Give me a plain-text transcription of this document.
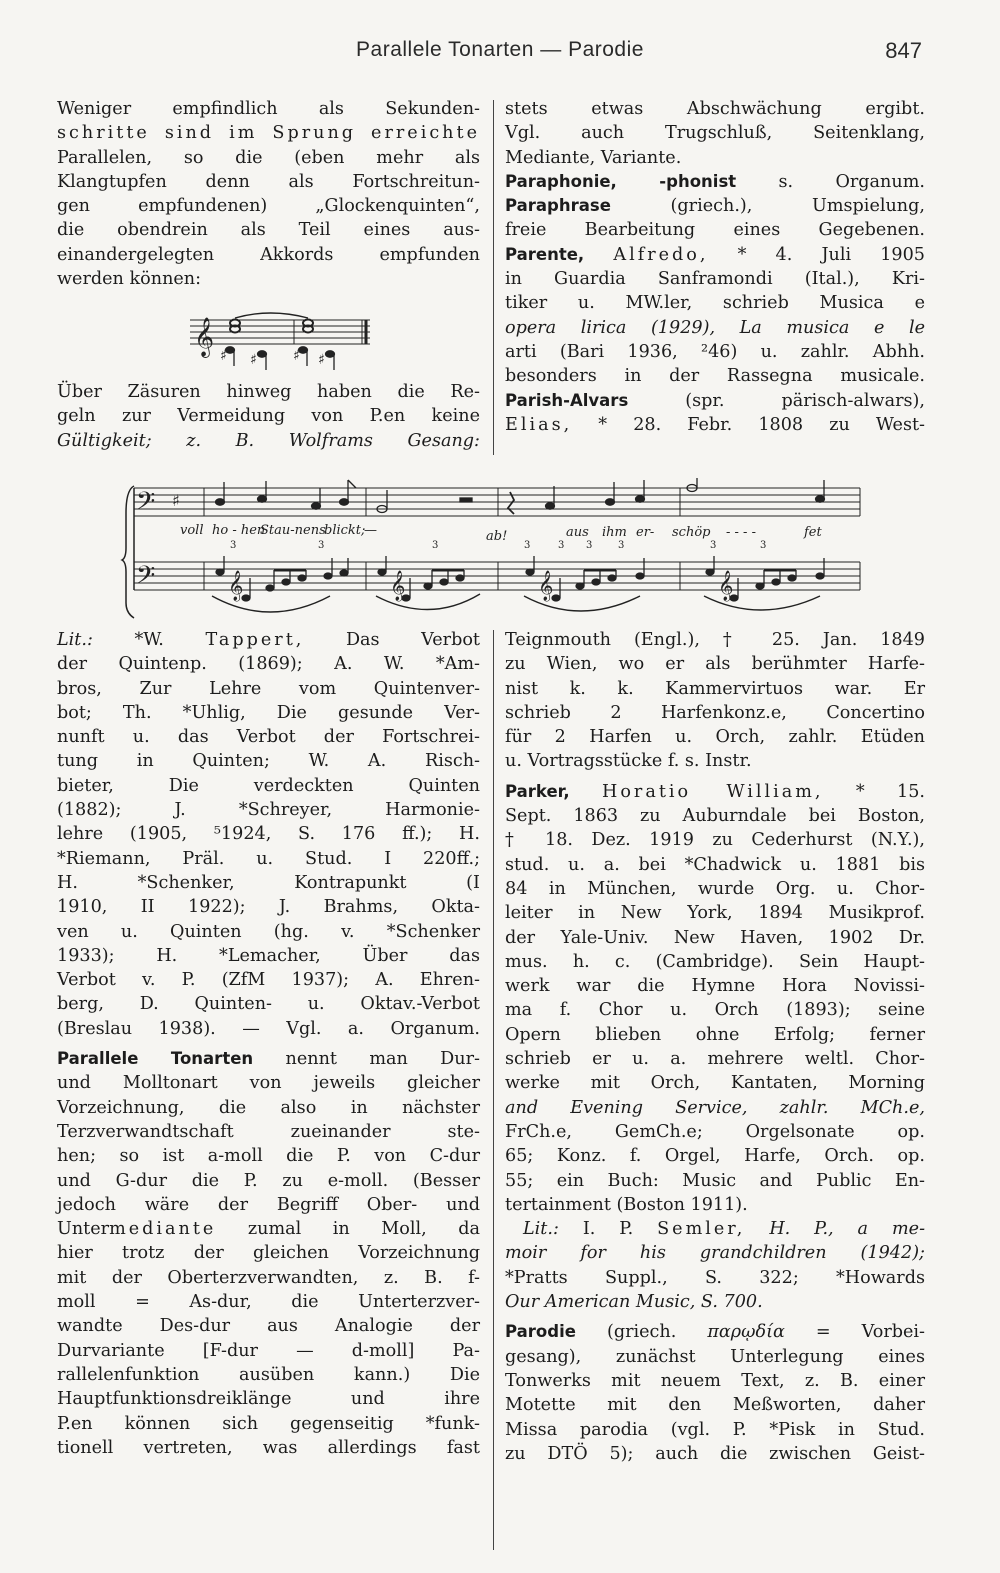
Parallele Tonarten — Parodie	847
Weniger empfindlich als Sekunden-
schritte sind im Sprung erreichte
Parallelen, so die (eben mehr als
Klangtupfen denn als Fortschreitun-
gen empfundenen) „Glockenquinten“,
die obendrein als Teil eines aus-
einandergelegten Akkords empfunden
werden können:
𝄞 ♯ ♯	♯ ♯
Über Zäsuren hinweg haben die Re-
geln zur Vermeidung von P.en keine
Gültigkeit; z. B. Wolframs Gesang:
stets etwas Abschwächung ergibt.
Vgl. auch Trugschluß, Seitenklang,
Mediante, Variante.
Paraphonie, -phonist s. Organum.
Paraphrase (griech.), Umspielung,
freie Bearbeitung eines Gegebenen.
Parente, Alfredo, * 4. Juli 1905
in Guardia Sanframondi (Ital.), Kri-
tiker u. MW.ler, schrieb Musica e
opera lirica (1929), La musica e le
arti (Bari 1936, ²46) u. zahlr. Abhh.
besonders in der Rassegna musicale.
Parish-Alvars (spr. pärisch-alwars),
Elias, * 28. Febr. 1808 zu West-
𝄢
𝄢
♯
voll ho - hen
Stau-nens
blickt;
—	ab!	aus ihm er- schöp - - - -	fet
3	3	3	3	3 3	3	3	3
𝄞	𝄞	𝄞	𝄞
Lit.: *W. Tappert, Das Verbot
der Quintenp. (1869); A. W. *Am-
bros, Zur Lehre vom Quintenver-
bot; Th. *Uhlig, Die gesunde Ver-
nunft u. das Verbot der Fortschrei-
tung in Quinten; W. A. Risch-
bieter, Die verdeckten Quinten
(1882); J. *Schreyer, Harmonie-
lehre (1905, ⁵1924, S. 176 ff.); H.
*Riemann, Präl. u. Stud. I 220ff.;
H. *Schenker, Kontrapunkt (I
1910, II 1922); J. Brahms, Okta-
ven u. Quinten (hg. v. *Schenker
1933); H. *Lemacher, Über das
Verbot v. P. (ZfM 1937); A. Ehren-
berg, D. Quinten- u. Oktav.-Verbot
(Breslau 1938). — Vgl. a. Organum.
Parallele Tonarten nennt man Dur-
und Molltonart von jeweils gleicher
Vorzeichnung, die also in nächster
Terzverwandtschaft zueinander ste-
hen; so ist a-moll die P. von C-dur
und G-dur die P. zu e-moll. (Besser
jedoch wäre der Begriff Ober- und
Untermediante zumal in Moll, da
hier trotz der gleichen Vorzeichnung
mit der Oberterzverwandten, z. B. f-
moll = As-dur, die Unterterzver-
wandte Des-dur aus Analogie der
Durvariante [F-dur — d-moll] Pa-
rallelenfunktion ausüben kann.) Die
Hauptfunktionsdreiklänge und ihre
P.en können sich gegenseitig *funk-
tionell vertreten, was allerdings fast
Teignmouth (Engl.), † 25. Jan. 1849
zu Wien, wo er als berühmter Harfe-
nist k. k. Kammervirtuos war. Er
schrieb 2 Harfenkonz.e, Concertino
für 2 Harfen u. Orch, zahlr. Etüden
u. Vortragsstücke f. s. Instr.
Parker, Horatio William, * 15.
Sept. 1863 zu Auburndale bei Boston,
† 18. Dez. 1919 zu Cederhurst (N.Y.),
stud. u. a. bei *Chadwick u. 1881 bis
84 in München, wurde Org. u. Chor-
leiter in New York, 1894 Musikprof.
der Yale-Univ. New Haven, 1902 Dr.
mus. h. c. (Cambridge). Sein Haupt-
werk war die Hymne Hora Novissi-
ma f. Chor u. Orch (1893); seine
Opern blieben ohne Erfolg; ferner
schrieb er u. a. mehrere weltl. Chor-
werke mit Orch, Kantaten, Morning
and Evening Service, zahlr. MCh.e,
FrCh.e, GemCh.e; Orgelsonate op.
65; Konz. f. Orgel, Harfe, Orch. op.
55; ein Buch: Music and Public En-
tertainment (Boston 1911).
Lit.: I. P. Semler, H. P., a me-
moir for his grandchildren (1942);
*Pratts Suppl., S. 322; *Howards
Our American Music, S. 700.
Parodie (griech. παρῳδία = Vorbei-
gesang), zunächst Unterlegung eines
Tonwerks mit neuem Text, z. B. einer
Motette mit den Meßworten, daher
Missa parodia (vgl. P. *Pisk in Stud.
zu DTÖ 5); auch die zwischen Geist-
